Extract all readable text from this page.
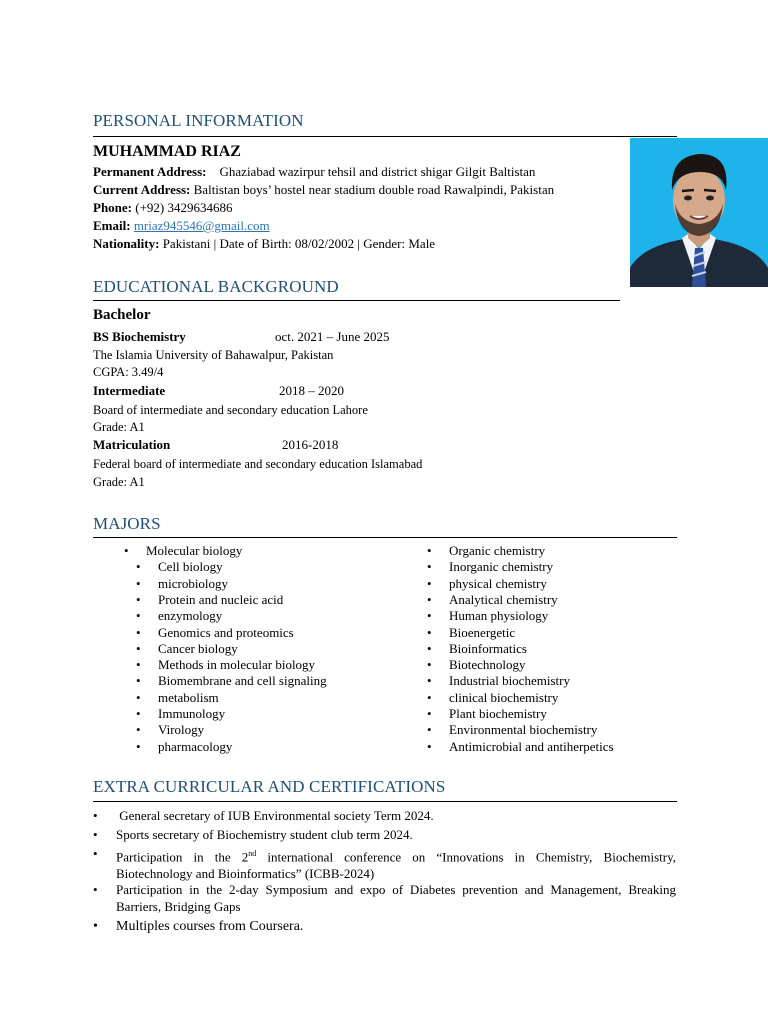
PERSONAL INFORMATION
MUHAMMAD RIAZ
Permanent Address: Ghaziabad wazirpur tehsil and district shigar Gilgit Baltistan
Current Address: Baltistan boys’ hostel near stadium double road Rawalpindi, Pakistan
Phone: (+92) 3429634686
Email: mriaz945546@gmail.com
Nationality: Pakistani | Date of Birth: 08/02/2002 | Gender: Male
EDUCATIONAL BACKGROUND
Bachelor
BS Biochemistry	oct. 2021 – June 2025
The Islamia University of Bahawalpur, Pakistan
CGPA: 3.49/4
Intermediate	2018 – 2020
Board of intermediate and secondary education Lahore
Grade: A1
Matriculation	2016-2018
Federal board of intermediate and secondary education Islamabad
Grade: A1
MAJORS
• Molecular biology
• Cell biology
• microbiology
• Protein and nucleic acid
• enzymology
• Genomics and proteomics
• Cancer biology
• Methods in molecular biology
• Biomembrane and cell signaling
• metabolism
• Immunology
• Virology
• pharmacology
• Organic chemistry
• Inorganic chemistry
• physical chemistry
• Analytical chemistry
• Human physiology
• Bioenergetic
• Bioinformatics
• Biotechnology
• Industrial biochemistry
• clinical biochemistry
• Plant biochemistry
• Environmental biochemistry
• Antimicrobial and antiherpetics
EXTRA CURRICULAR AND CERTIFICATIONS
• General secretary of IUB Environmental society Term 2024.
• Sports secretary of Biochemistry student club term 2024.
• Participation in the 2nd international conference on “Innovations in Chemistry, Biochemistry, Biotechnology and Bioinformatics” (ICBB-2024)
• Participation in the 2-day Symposium and expo of Diabetes prevention and Management, Breaking Barriers, Bridging Gaps
• Multiples courses from Coursera.
